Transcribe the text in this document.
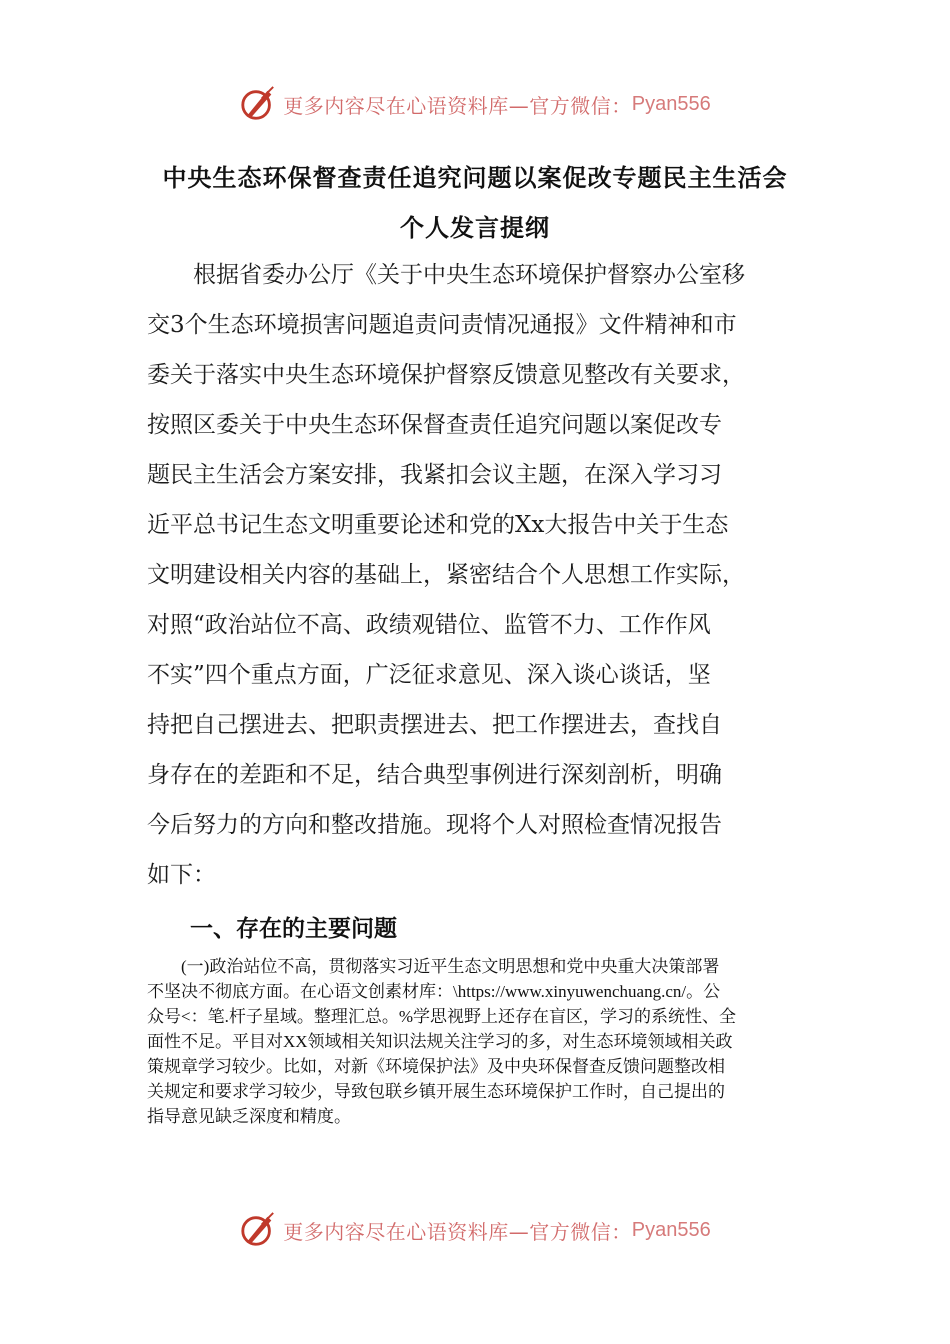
更多内容尽在心语资料库—官方微信： Pyan556
中央生态环保督查责任追究问题以案促改专题民主生活会
个人发言提纲
　　根据省委办公厅《关于中央生态环境保护督察办公室移
交3个生态环境损害问题追责问责情况通报》文件精神和市
委关于落实中央生态环境保护督察反馈意见整改有关要求，
按照区委关于中央生态环保督查责任追究问题以案促改专
题民主生活会方案安排，我紧扣会议主题，在深入学习习
近平总书记生态文明重要论述和党的Xx大报告中关于生态
文明建设相关内容的基础上，紧密结合个人思想工作实际，
对照“政治站位不高、政绩观错位、监管不力、工作作风
不实”四个重点方面，广泛征求意见、深入谈心谈话，坚
持把自己摆进去、把职责摆进去、把工作摆进去，查找自
身存在的差距和不足，结合典型事例进行深刻剖析，明确
今后努力的方向和整改措施。现将个人对照检查情况报告
如下：
一、存在的主要问题
　　(一)政治站位不高，贯彻落实习近平生态文明思想和党中央重大决策部署
不坚决不彻底方面。在心语文创素材库：\https://www.xinyuwenchuang.cn/。公
众号<：笔.杆子星域。整理汇总。%学思视野上还存在盲区，学习的系统性、全
面性不足。平目对XX领域相关知识法规关注学习的多，对生态环境领域相关政
策规章学习较少。比如，对新《环境保护法》及中央环保督查反馈问题整改相
关规定和要求学习较少，导致包联乡镇开展生态环境保护工作时，自己提出的
指导意见缺乏深度和精度。
更多内容尽在心语资料库—官方微信： Pyan556
